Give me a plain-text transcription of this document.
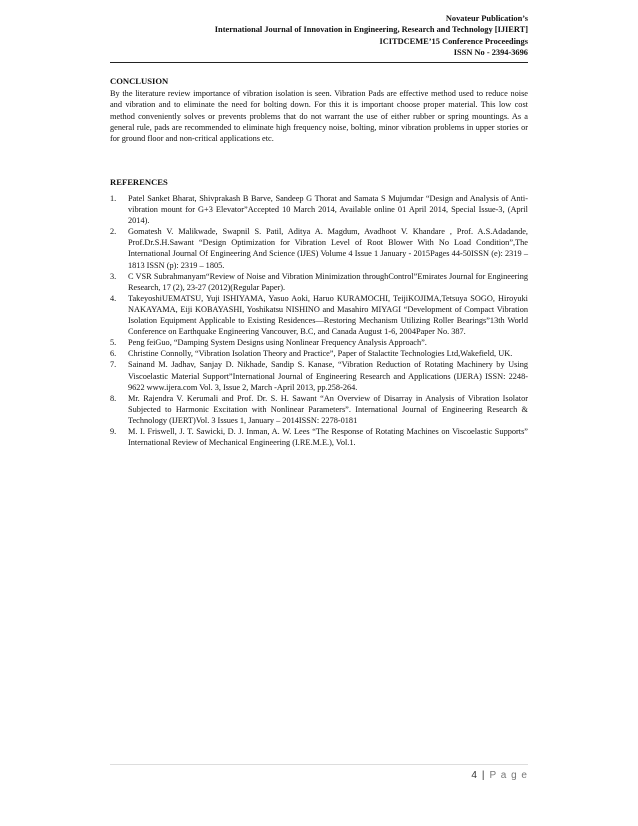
Novateur Publication’s
International Journal of Innovation in Engineering, Research and Technology [IJIERT]
ICITDCEME’15 Conference Proceedings
ISSN No - 2394-3696
CONCLUSION
By the literature review importance of vibration isolation is seen. Vibration Pads are effective method used to reduce noise and vibration and to eliminate the need for bolting down. For this it is important choose proper material. This low cost method conveniently solves or prevents problems that do not warrant the use of either rubber or spring mountings. As a general rule, pads are recommended to eliminate high frequency noise, bolting, minor vibration problems in upper stories or for ground floor and non-critical applications etc.
REFERENCES
1. Patel Sanket Bharat, Shivprakash B Barve, Sandeep G Thorat and Samata S Mujumdar “Design and Analysis of Anti-vibration mount for G+3 Elevator”Accepted 10 March 2014, Available online 01 April 2014, Special Issue-3, (April 2014).
2. Gomatesh V. Malikwade, Swapnil S. Patil, Aditya A. Magdum, Avadhoot V. Khandare , Prof. A.S.Adadande, Prof.Dr.S.H.Sawant “Design Optimization for Vibration Level of Root Blower With No Load Condition”,The International Journal Of Engineering And Science (IJES) Volume 4 Issue 1 January - 2015Pages 44-50ISSN (e): 2319 – 1813 ISSN (p): 2319 – 1805.
3. C VSR Subrahmanyam“Review of Noise and Vibration Minimization throughControl”Emirates Journal for Engineering Research, 17 (2), 23-27 (2012)(Regular Paper).
4. TakeyoshiUEMATSU, Yuji ISHIYAMA, Yasuo Aoki, Haruo KURAMOCHI, TeijiKOJIMA,Tetsuya SOGO, Hiroyuki NAKAYAMA, Eiji KOBAYASHI, Yoshikatsu NISHINO and Masahiro MIYAGI “Development of Compact Vibration Isolation Equipment Applicable to Existing Residences—Restoring Mechanism Utilizing Roller Bearings”13th World Conference on Earthquake Engineering Vancouver, B.C, and Canada August 1-6, 2004Paper No. 387.
5. Peng feiGuo, “Damping System Designs using Nonlinear Frequency Analysis Approach”.
6. Christine Connolly, “Vibration Isolation Theory and Practice”, Paper of Stalactite Technologies Ltd,Wakefield, UK.
7. Sainand M. Jadhav, Sanjay D. Nikhade, Sandip S. Kanase, “Vibration Reduction of Rotating Machinery by Using Viscoelastic Material Support”International Journal of Engineering Research and Applications (IJERA) ISSN: 2248-9622 www.ijera.com Vol. 3, Issue 2, March -April 2013, pp.258-264.
8. Mr. Rajendra V. Kerumali and Prof. Dr. S. H. Sawant “An Overview of Disarray in Analysis of Vibration Isolator Subjected to Harmonic Excitation with Nonlinear Parameters”. International Journal of Engineering Research & Technology (IJERT)Vol. 3 Issues 1, January – 2014ISSN: 2278-0181
9. M. I. Friswell, J. T. Sawicki, D. J. Inman, A. W. Lees “The Response of Rotating Machines on Viscoelastic Supports” International Review of Mechanical Engineering (I.RE.M.E.), Vol.1.
4 | P a g e
